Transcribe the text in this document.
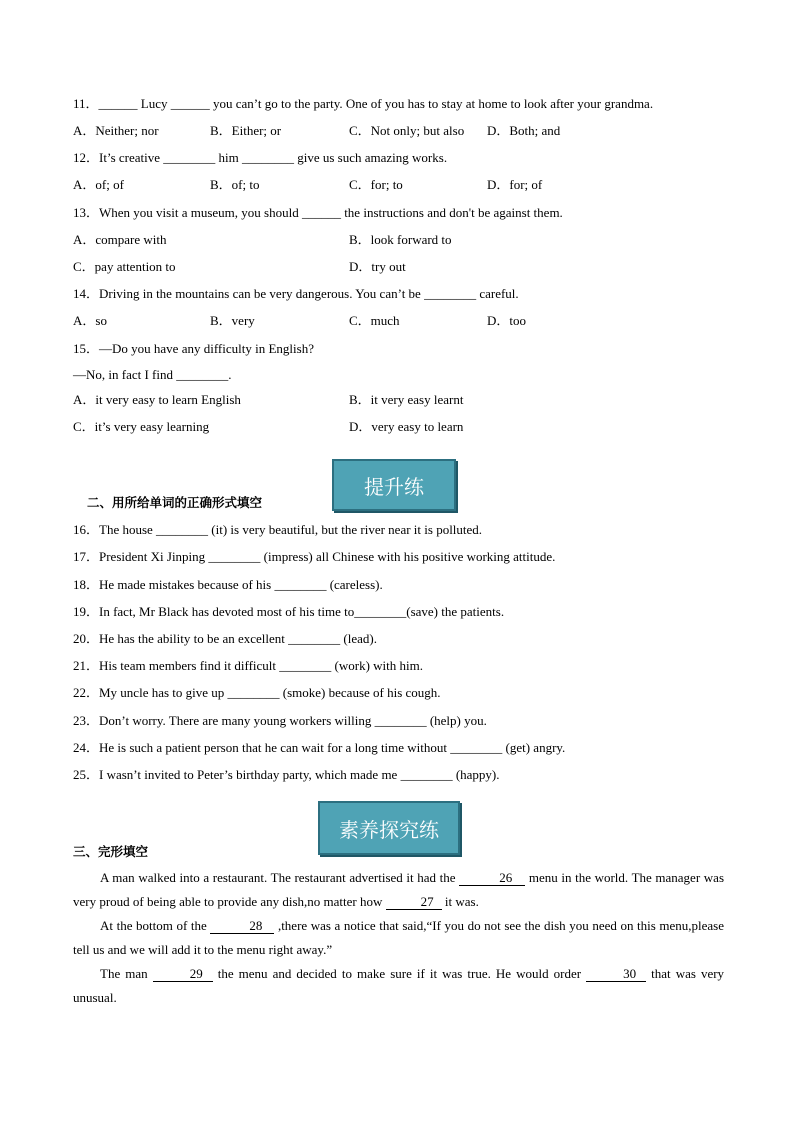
11．______ Lucy ______ you can’t go to the party. One of you has to stay at home to look after your grandma.
A．Neither; nor	B．Either; or	C．Not only; but also D．Both; and
12．It’s creative ________ him ________ give us such amazing works.
A．of; of	B．of; to	C．for; to	D．for; of
13．When you visit a museum, you should ______ the instructions and don't be against them.
A．compare with	B．look forward to
C．pay attention to	D．try out
14．Driving in the mountains can be very dangerous. You can’t be ________ careful.
A．so	B．very	C．much	D．too
15．—Do you have any difficulty in English?
—No, in fact I find ________.
A．it very easy to learn English	B．it very easy learnt
C．it’s very easy learning	D．very easy to learn
提升练
二、用所给单词的正确形式填空
16．The house ________ (it) is very beautiful, but the river near it is polluted.
17．President Xi Jinping ________ (impress) all Chinese with his positive working attitude.
18．He made mistakes because of his ________ (careless).
19．In fact, Mr Black has devoted most of his time to________(save) the patients.
20．He has the ability to be an excellent ________ (lead).
21．His team members find it difficult ________ (work) with him.
22．My uncle has to give up ________ (smoke) because of his cough.
23．Don’t worry. There are many young workers willing ________ (help) you.
24．He is such a patient person that he can wait for a long time without ________ (get) angry.
25．I wasn’t invited to Peter’s birthday party, which made me ________ (happy).
素养探究练
三、完形填空
A man walked into a restaurant. The restaurant advertised it had the	26 menu in the world. The manager was very proud of being able to provide any dish,no matter how	27 it was.
At the bottom of the	28 ,there was a notice that said,“If you do not see the dish you need on this menu,please tell us and we will add it to the menu right away.”
The man	29 the menu and decided to make sure if it was true. He would order	30 that was very unusual.
